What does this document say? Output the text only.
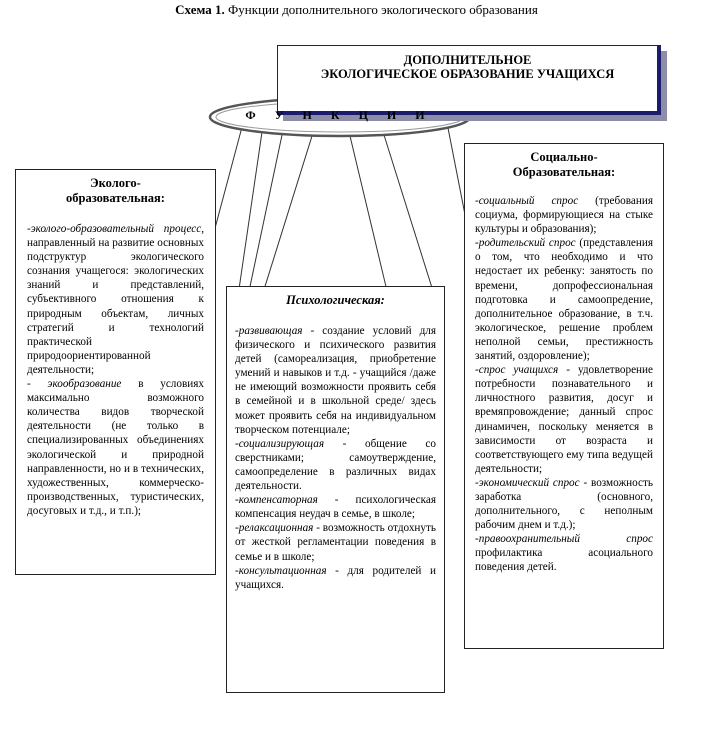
Схема 1. Функции дополнительного экологического образования
ДОПОЛНИТЕЛЬНОЕ
ЭКОЛОГИЧЕСКОЕ ОБРАЗОВАНИЕ УЧАЩИХСЯ
Ф У Н К Ц И И
Эколого-
образовательная:

-эколого-образовательный процесс, направленный на развитие основных подструктур экологического сознания учащегося: экологических знаний и представлений, субъективного отношения к природным объектам, личных стратегий и технологий практической природоориентированной деятельности;

- экообразование в условиях максимально возможного количества видов творческой деятельности (не только в специализированных объединениях экологической и природной направленности, но и в технических, художественных, коммерческо-производственных, туристических, досуговых и т.д., и т.п.);

Психологическая:

-развивающая - создание условий для физического и психического развития детей (самореализация, приобретение умений и навыков и т.д. - учащийся /даже не имеющий возможности проявить себя в семейной и в школьной среде/ здесь может проявить себя на индивидуальном творческом потенциале;

-социализирующая - общение со сверстниками; самоутверждение, самоопределение в различных видах деятельности.

-компенсаторная - психологическая компенсация неудач в семье, в школе;

-релаксационная - возможность отдохнуть от жесткой регламентации поведения в семье и в школе;

-консультационная - для родителей и учащихся.

Социально-
Образовательная:

-социальный спрос (требования социума, формирующиеся на стыке культуры и образования);

-родительский спрос (представления о том, что необходимо и что недостает их ребенку: занятость по времени, допрофессиональная подготовка и самоопредение, дополнительное образование, в т.ч. экологическое, решение проблем неполной семьи, престижность занятий, оздоровление);

-спрос учащихся - удовлетворение потребности познавательного и личностного развития, досуг и времяпровождение; данный спрос динамичен, поскольку меняется в зависимости от возраста и соответствующего ему типа ведущей деятельности;

-экономический спрос - возможность заработка (основного, дополнительного, с неполным рабочим днем и т.д.);

-правоохранительный спрос профилактика асоциального поведения детей.
